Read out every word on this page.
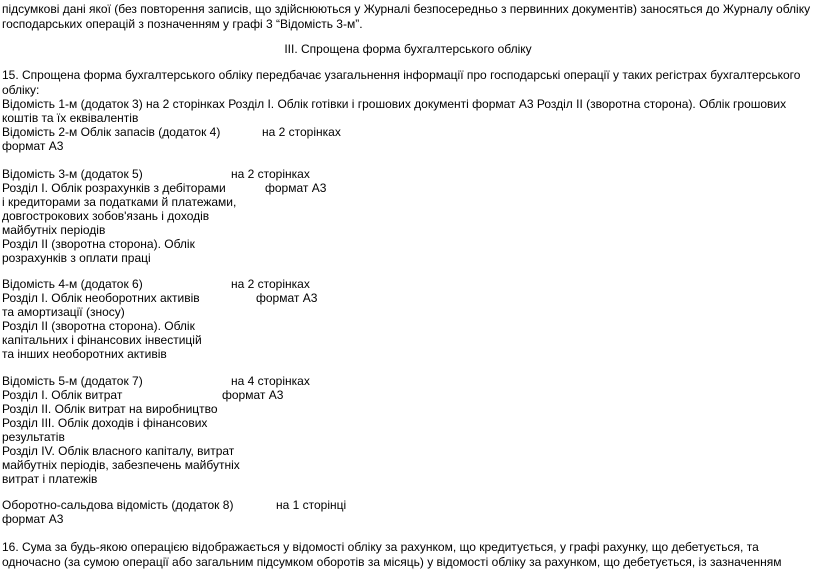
підсумкові дані якої (без повторення записів, що здійснюються у Журналі безпосередньо з первинних документів) заносяться до Журналу обліку
господарських операцій з позначенням у графі 3 “Відомість 3-м”.
ІІІ. Спрощена форма бухгалтерського обліку
15. Спрощена форма бухгалтерського обліку передбачає узагальнення інформації про господарські операції у таких регістрах бухгалтерського
обліку:
Відомість 1-м (додаток 3) на 2 сторінках Розділ І. Облік готівки і грошових документі формат А3 Розділ ІІ (зворотна сторона). Облік грошових
коштів та їх еквівалентів
Відомість 2-м Облік запасів (додаток 4)	на 2 сторінках
формат А3
Відомість 3-м (додаток 5)	на 2 сторінках
Розділ І. Облік розрахунків з дебіторами	формат А3
і кредиторами за податками й платежами,
довгострокових зобов'язань і доходів
майбутніх періодів
Розділ ІІ (зворотна сторона). Облік
розрахунків з оплати праці
Відомість 4-м (додаток 6)	на 2 сторінках
Розділ І. Облік необоротних активів	формат А3
та амортизації (зносу)
Розділ ІІ (зворотна сторона). Облік
капітальних і фінансових інвестицій
та інших необоротних активів
Відомість 5-м (додаток 7)	на 4 сторінках
Розділ І. Облік витрат	формат А3
Розділ ІІ. Облік витрат на виробництво
Розділ ІІІ. Облік доходів і фінансових
результатів
Розділ IV. Облік власного капіталу, витрат
майбутніх періодів, забезпечень майбутніх
витрат і платежів
Оборотно-сальдова відомість (додаток 8)	на 1 сторінці
формат А3
16. Сума за будь-якою операцією відображається у відомості обліку за рахунком, що кредитується, у графі рахунку, що дебетується, та
одночасно (за сумою операції або загальним підсумком оборотів за місяць) у відомості обліку за рахунком, що дебетується, із зазначенням
